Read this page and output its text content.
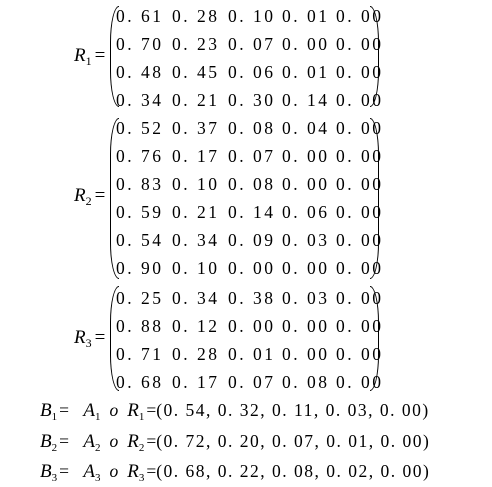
$R_1$ =
0. 61 0. 28 0. 10 0. 01 0. 00
0. 70 0. 23 0. 07 0. 00 0. 00
0. 48 0. 45 0. 06 0. 01 0. 00
0. 34 0. 21 0. 30 0. 14 0. 00
$R_2$ =
0. 52 0. 37 0. 08 0. 04 0. 00
0. 76 0. 17 0. 07 0. 00 0. 00
0. 83 0. 10 0. 08 0. 00 0. 00
0. 59 0. 21 0. 14 0. 06 0. 00
0. 54 0. 34 0. 09 0. 03 0. 00
0. 90 0. 10 0. 00 0. 00 0. 00
$R_3$ =
0. 25 0. 34 0. 38 0. 03 0. 00
0. 88 0. 12 0. 00 0. 00 0. 00
0. 71 0. 28 0. 01 0. 00 0. 00
0. 68 0. 17 0. 07 0. 08 0. 00
$B_1 = A_1$ o $R_1 =(0$. 54, 0. 32, 0. 11, 0. 03, 0. 00)
$B_2 = A_2$ o $R_2 =(0$. 72, 0. 20, 0. 07, 0. 01, 0. 00)
$B_3 = A_3$ o $R_3 =(0$. 68, 0. 22, 0. 08, 0. 02, 0. 00)
